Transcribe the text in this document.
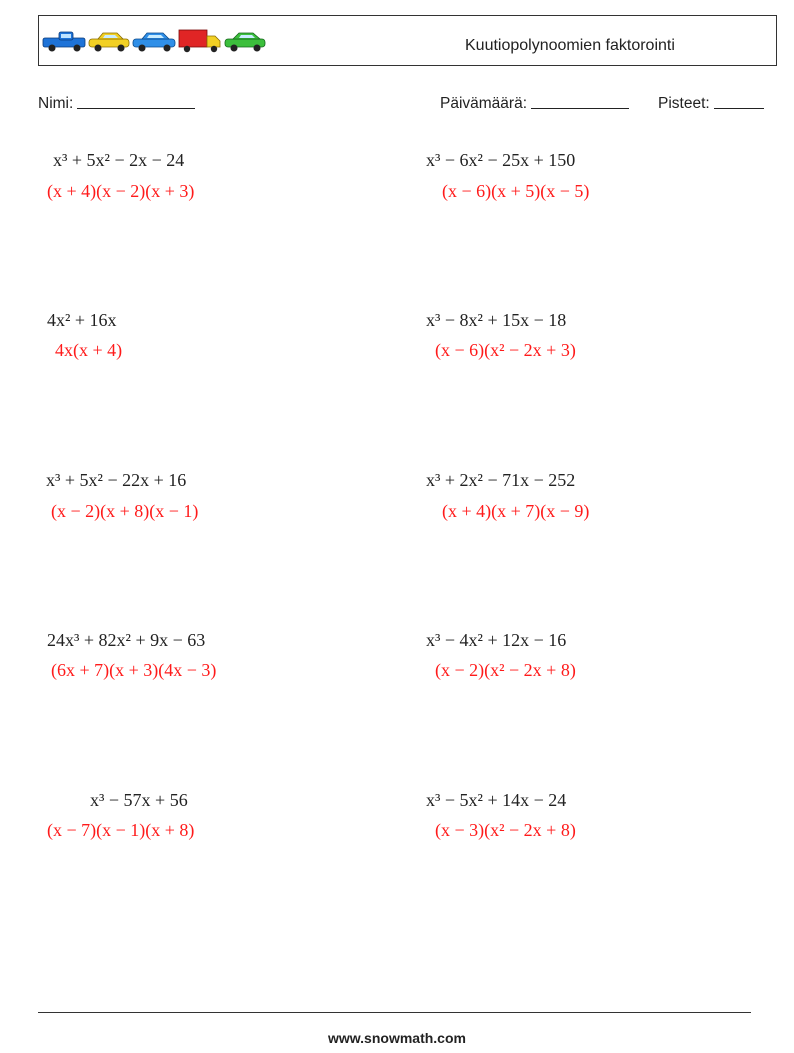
Kuutiopolynoomien faktorointi
Nimi:	Päivämäärä:	Pisteet:
x³ + 5x² − 2x − 24
(x + 4)(x − 2)(x + 3)
x³ − 6x² − 25x + 150
(x − 6)(x + 5)(x − 5)
4x² + 16x
4x(x + 4)
x³ − 8x² + 15x − 18
(x − 6)(x² − 2x + 3)
x³ + 5x² − 22x + 16
(x − 2)(x + 8)(x − 1)
x³ + 2x² − 71x − 252
(x + 4)(x + 7)(x − 9)
24x³ + 82x² + 9x − 63
(6x + 7)(x + 3)(4x − 3)
x³ − 4x² + 12x − 16
(x − 2)(x² − 2x + 8)
x³ − 57x + 56
(x − 7)(x − 1)(x + 8)
x³ − 5x² + 14x − 24
(x − 3)(x² − 2x + 8)
www.snowmath.com
